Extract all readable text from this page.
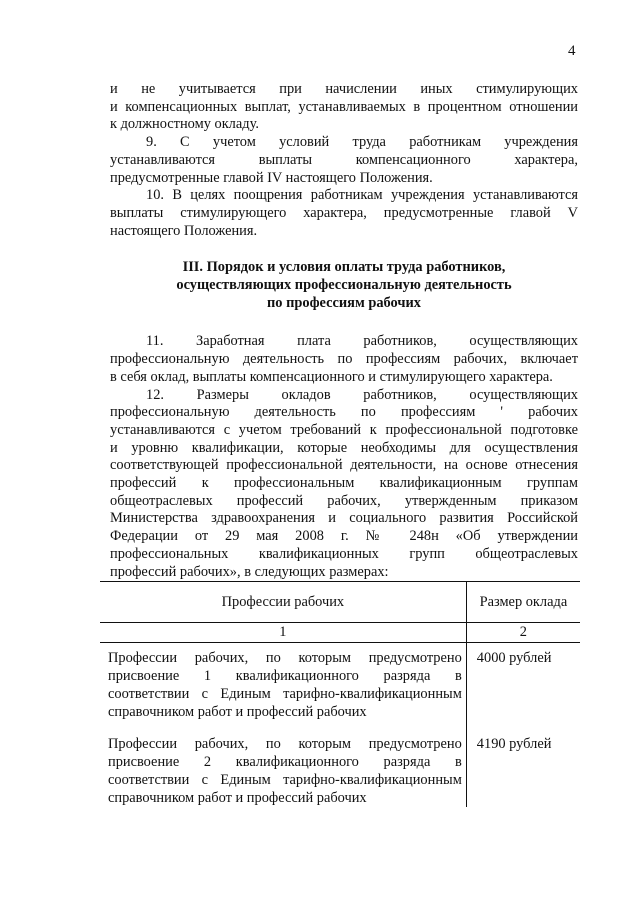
4
и не учитывается при начислении иных стимулирующих
и компенсационных выплат, устанавливаемых в процентном отношении
к должностному окладу.
9. С учетом условий труда работникам учреждения
устанавливаются выплаты компенсационного характера,
предусмотренные главой IV настоящего Положения.
10. В целях поощрения работникам учреждения устанавливаются
выплаты стимулирующего характера, предусмотренные главой V
настоящего Положения.
III. Порядок и условия оплаты труда работников,
осуществляющих профессиональную деятельность
по профессиям рабочих
11. Заработная плата работников, осуществляющих
профессиональную деятельность по профессиям рабочих, включает
в себя оклад, выплаты компенсационного и стимулирующего характера.
12. Размеры окладов работников, осуществляющих
профессиональную деятельность по профессиям ' рабочих
устанавливаются с учетом требований к профессиональной подготовке
и уровню квалификации, которые необходимы для осуществления
соответствующей профессиональной деятельности, на основе отнесения
профессий к профессиональным квалификационным группам
общеотраслевых профессий рабочих, утвержденным приказом
Министерства здравоохранения и социального развития Российской
Федерации от 29 мая 2008 г. № 248н «Об утверждении
профессиональных квалификационных групп общеотраслевых
профессий рабочих», в следующих размерах:
Профессии рабочих	Размер оклада
1	2

Профессии рабочих, по которым предусмотрено
присвоение 1 квалификационного разряда в
соответствии с Единым тарифно-квалификационным
справочником работ и профессий рабочих	4000 рублей

Профессии рабочих, по которым предусмотрено
присвоение 2 квалификационного разряда в
соответствии с Единым тарифно-квалификационным
справочником работ и профессий рабочих	4190 рублей
